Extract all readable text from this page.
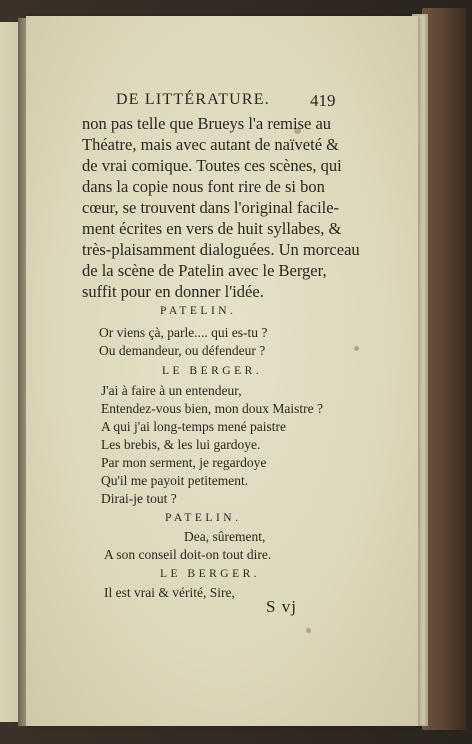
DE LITTÉRATURE. 419
non pas telle que Brueys l'a remise au
Théatre, mais avec autant de naïveté &
de vrai comique. Toutes ces scènes, qui
dans la copie nous font rire de si bon
cœur, se trouvent dans l'original facile-
ment écrites en vers de huit syllabes, &
très-plaisamment dialoguées. Un morceau
de la scène de Patelin avec le Berger,
suffit pour en donner l'idée.
PATELIN.
Or viens çà, parle.... qui es-tu ?
Ou demandeur, ou défendeur ?
LE BERGER.
J'ai à faire à un entendeur,
Entendez-vous bien, mon doux Maistre ?
A qui j'ai long-temps mené paistre
Les brebis, & les lui gardoye.
Par mon serment, je regardoye
Qu'il me payoit petitement.
Dirai-je tout ?
PATELIN.
Dea, sûrement,
A son conseil doit-on tout dire.
LE BERGER.
Il est vrai & vérité, Sire,
S vj
